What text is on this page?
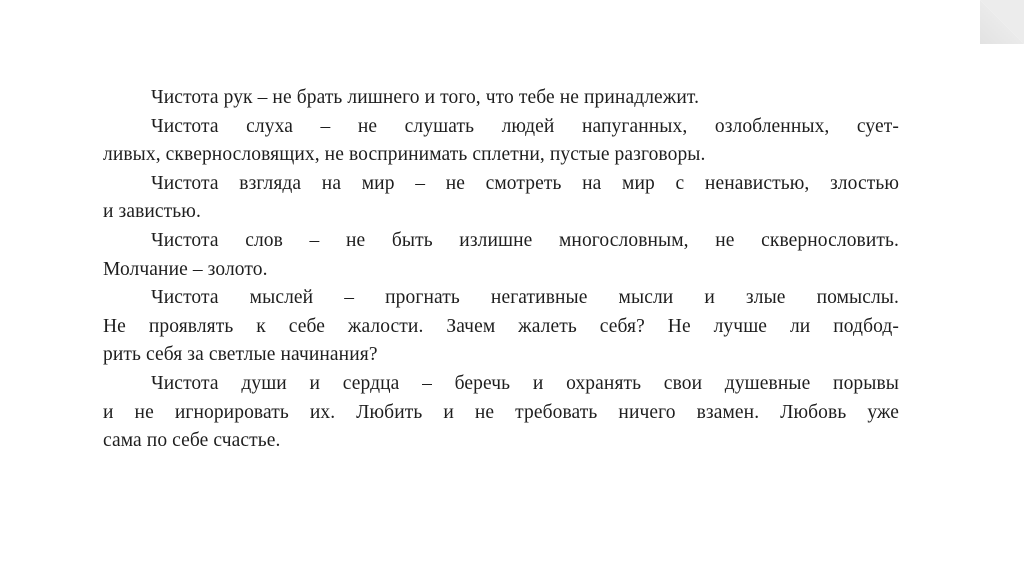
Чистота рук – не брать лишнего и того, что тебе не принадлежит.

Чистота слуха – не слушать людей напуганных, озлобленных, сует-
ливых, сквернословящих, не воспринимать сплетни, пустые разговоры.

Чистота взгляда на мир – не смотреть на мир с ненавистью, злостью
и завистью.

Чистота слов – не быть излишне многословным, не сквернословить.
Молчание – золото.

Чистота мыслей – прогнать негативные мысли и злые помыслы.
Не проявлять к себе жалости. Зачем жалеть себя? Не лучше ли подбод-
рить себя за светлые начинания?

Чистота души и сердца – беречь и охранять свои душевные порывы
и не игнорировать их. Любить и не требовать ничего взамен. Любовь уже
сама по себе счастье.
